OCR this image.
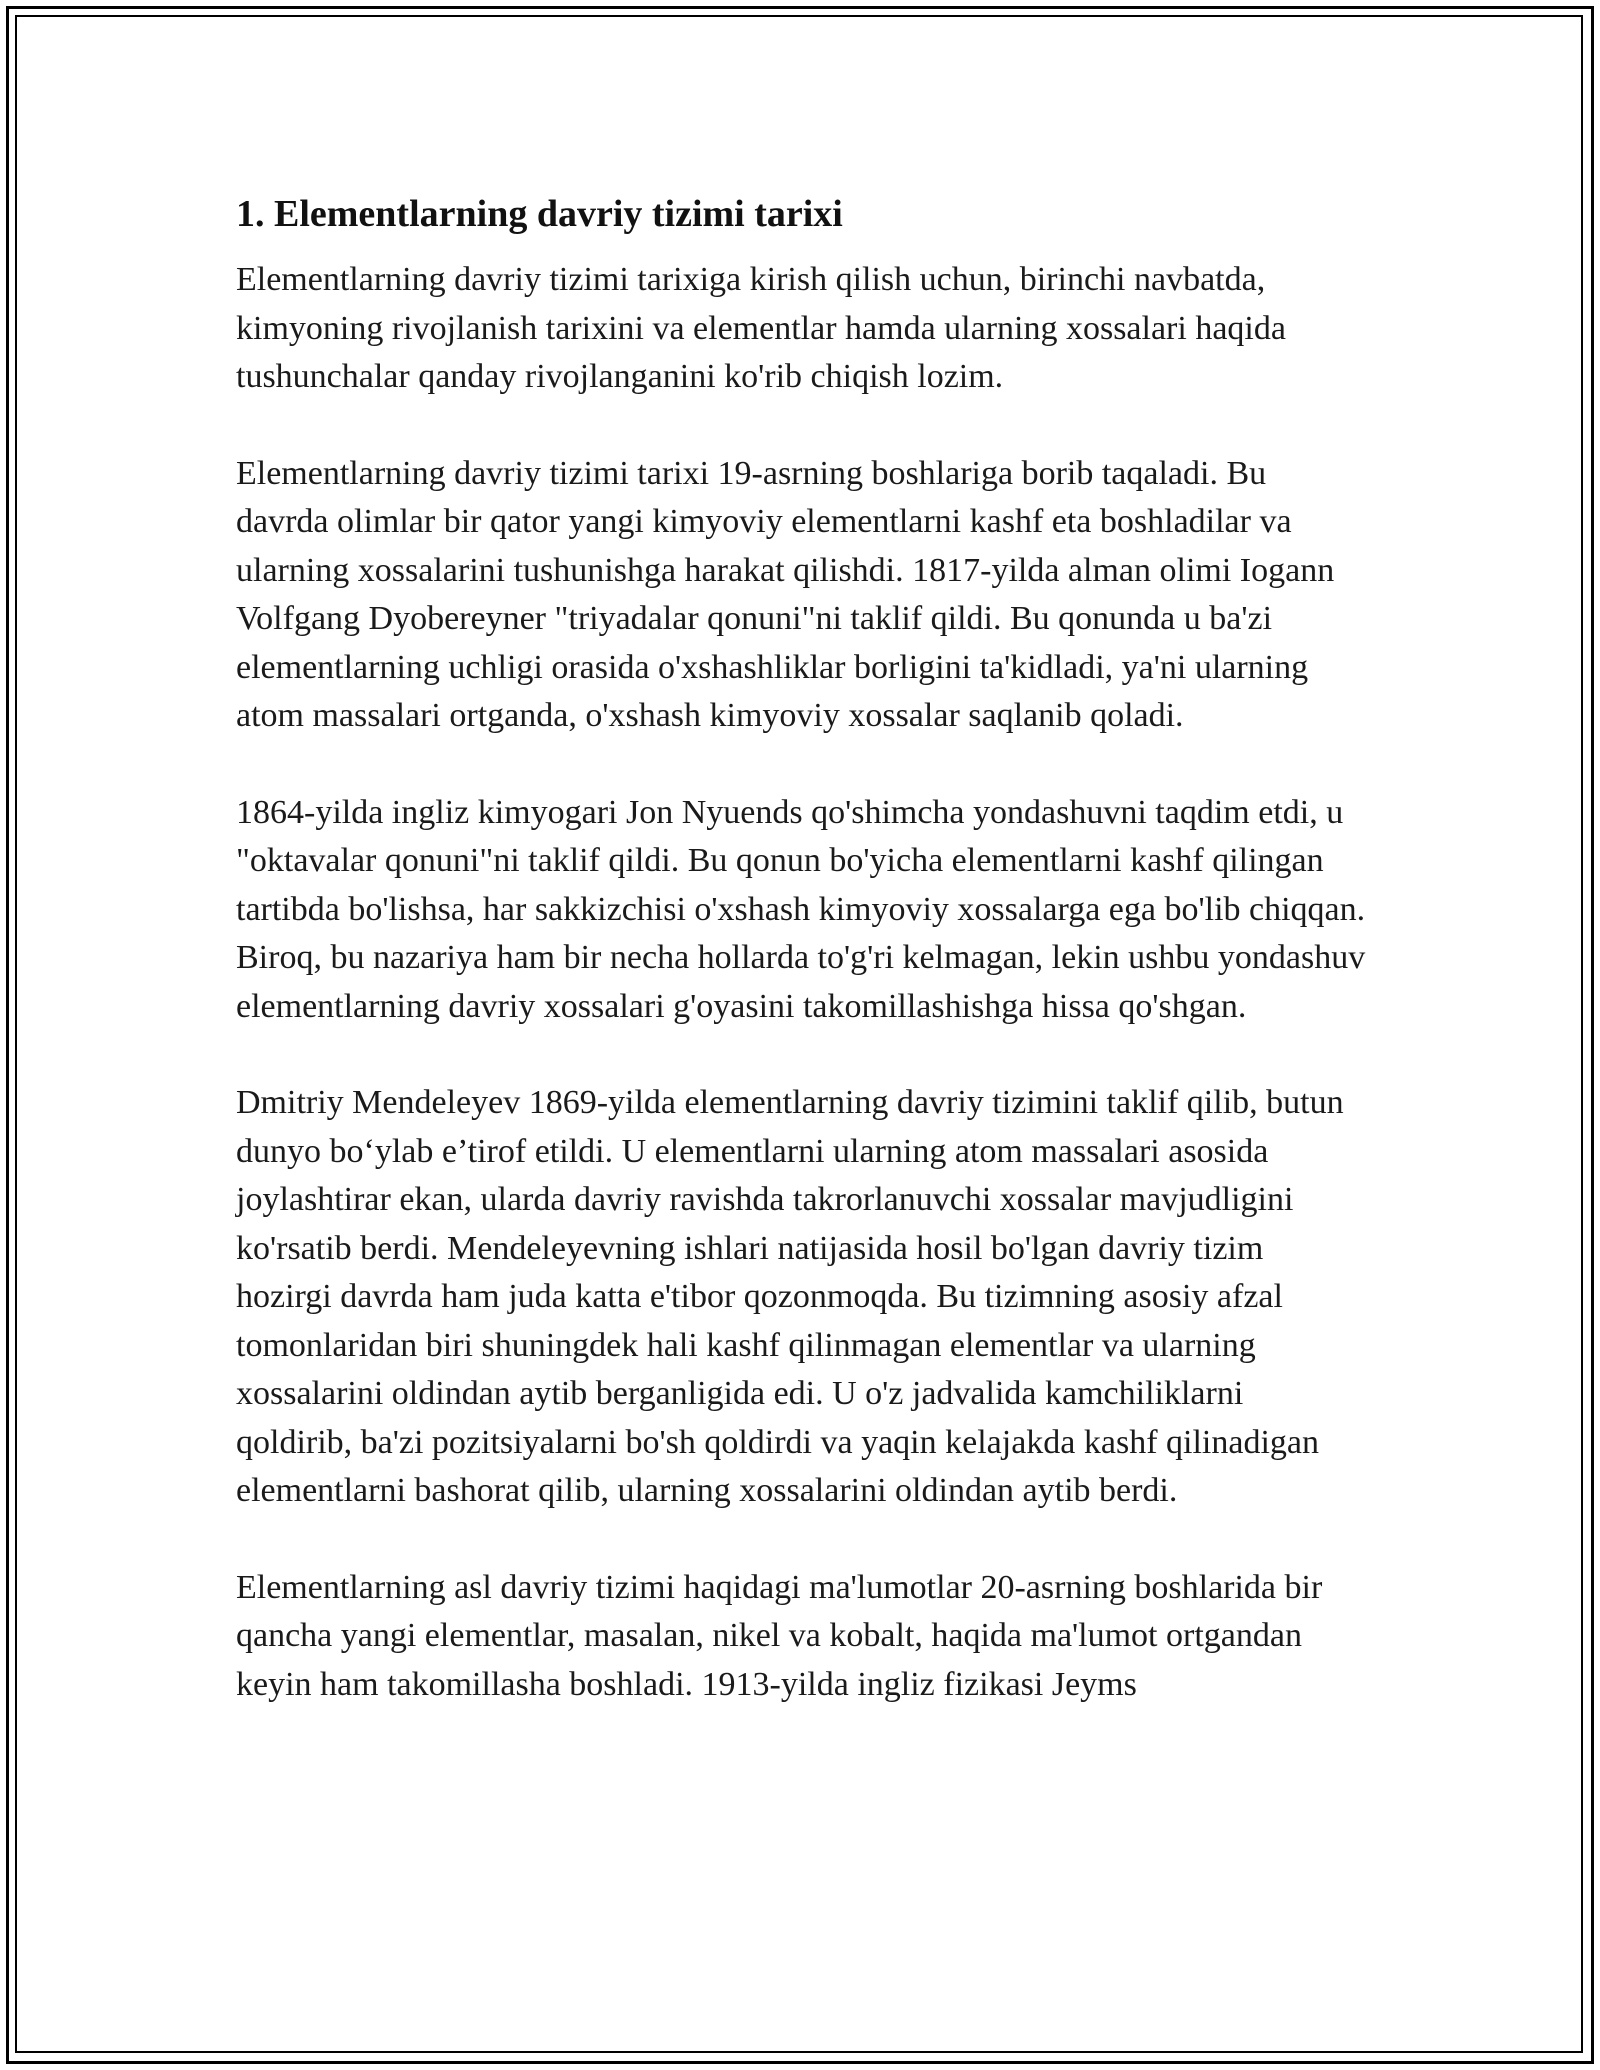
1. Elementlarning davriy tizimi tarixi

Elementlarning davriy tizimi tarixiga kirish qilish uchun, birinchi navbatda, kimyoning rivojlanish tarixini va elementlar hamda ularning xossalari haqida tushunchalar qanday rivojlanganini ko'rib chiqish lozim.

Elementlarning davriy tizimi tarixi 19-asrning boshlariga borib taqaladi. Bu davrda olimlar bir qator yangi kimyoviy elementlarni kashf eta boshladilar va ularning xossalarini tushunishga harakat qilishdi. 1817-yilda alman olimi Iogann Volfgang Dyobereyner "triyadalar qonuni"ni taklif qildi. Bu qonunda u ba'zi elementlarning uchligi orasida o'xshashliklar borligini ta'kidladi, ya'ni ularning atom massalari ortganda, o'xshash kimyoviy xossalar saqlanib qoladi.

1864-yilda ingliz kimyogari Jon Nyuends qo'shimcha yondashuvni taqdim etdi, u "oktavalar qonuni"ni taklif qildi. Bu qonun bo'yicha elementlarni kashf qilingan tartibda bo'lishsa, har sakkizchisi o'xshash kimyoviy xossalarga ega bo'lib chiqqan. Biroq, bu nazariya ham bir necha hollarda to'g'ri kelmagan, lekin ushbu yondashuv elementlarning davriy xossalari g'oyasini takomillashishga hissa qo'shgan.

Dmitriy Mendeleyev 1869-yilda elementlarning davriy tizimini taklif qilib, butun dunyo bo‘ylab e’tirof etildi. U elementlarni ularning atom massalari asosida joylashtirar ekan, ularda davriy ravishda takrorlanuvchi xossalar mavjudligini ko'rsatib berdi. Mendeleyevning ishlari natijasida hosil bo'lgan davriy tizim hozirgi davrda ham juda katta e'tibor qozonmoqda. Bu tizimning asosiy afzal tomonlaridan biri shuningdek hali kashf qilinmagan elementlar va ularning xossalarini oldindan aytib berganligida edi. U o'z jadvalida kamchiliklarni qoldirib, ba'zi pozitsiyalarni bo'sh qoldirdi va yaqin kelajakda kashf qilinadigan elementlarni bashorat qilib, ularning xossalarini oldindan aytib berdi.

Elementlarning asl davriy tizimi haqidagi ma'lumotlar 20-asrning boshlarida bir qancha yangi elementlar, masalan, nikel va kobalt, haqida ma'lumot ortgandan keyin ham takomillasha boshladi. 1913-yilda ingliz fizikasi Jeyms
